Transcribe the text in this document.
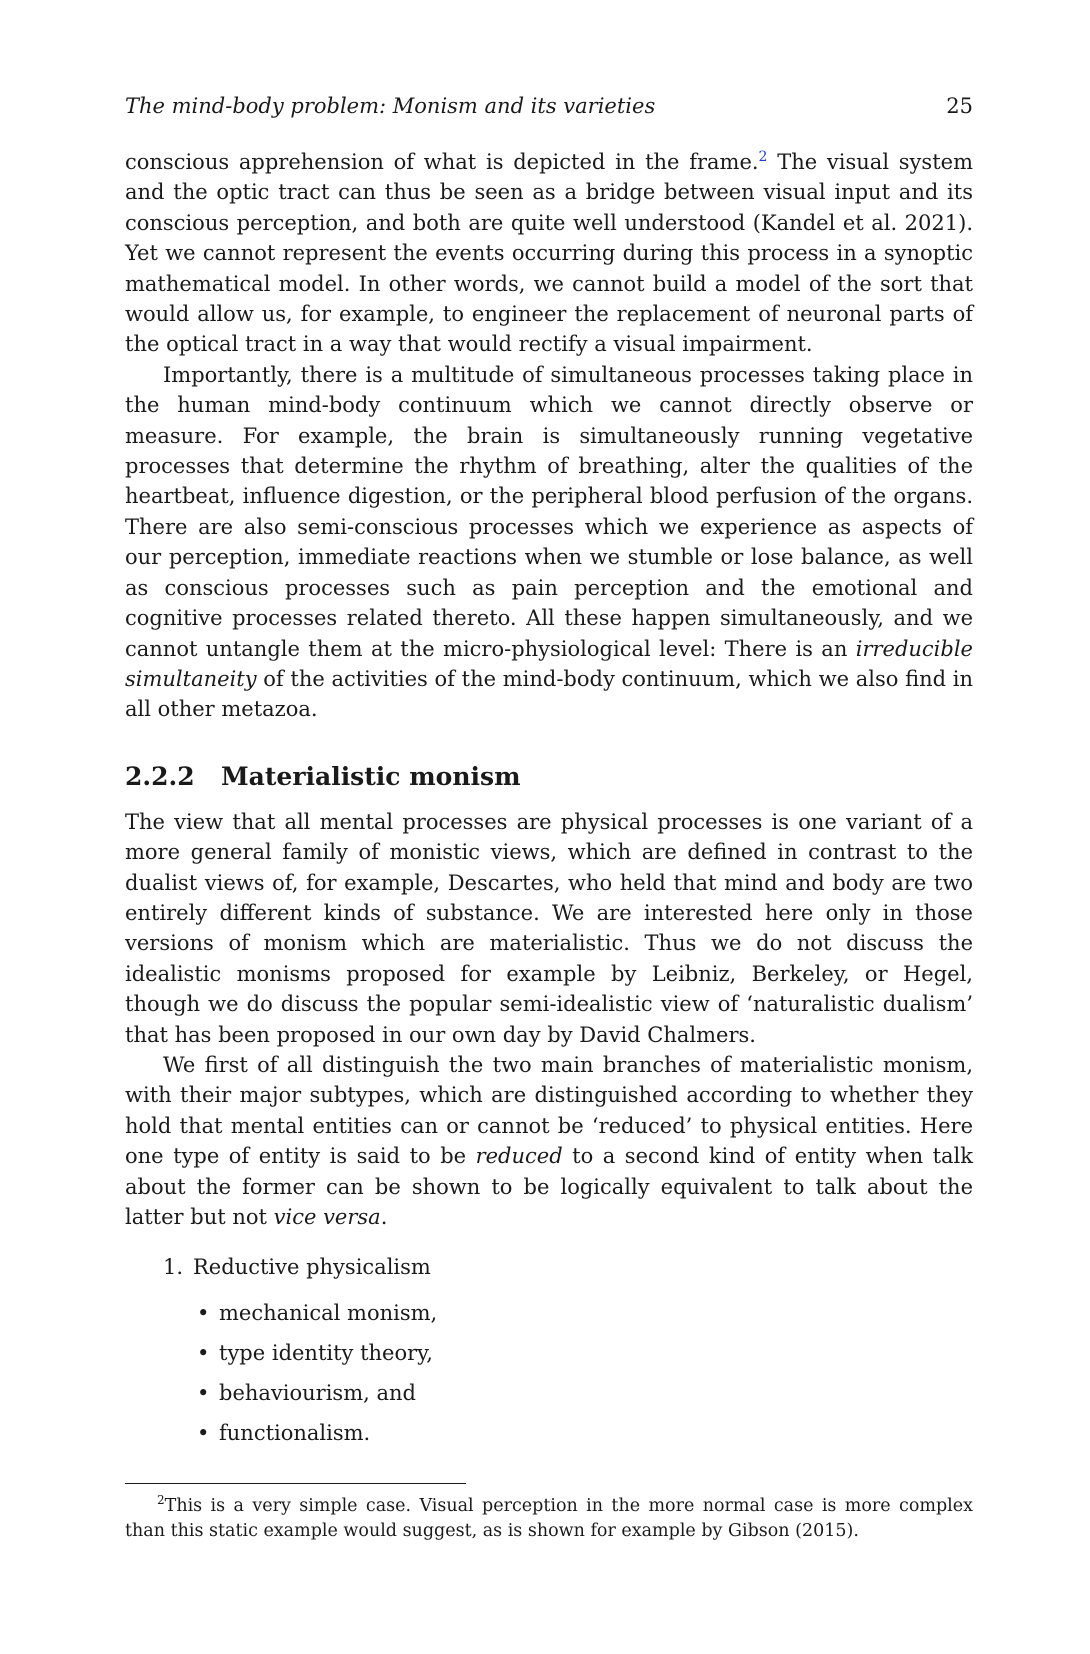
The mind-body problem: Monism and its varieties	25

conscious apprehension of what is depicted in the frame.$^2$ The visual system and the optic tract can thus be seen as a bridge between visual input and its conscious perception, and both are quite well understood (Kandel et al. 2021). Yet we cannot represent the events occurring during this process in a synoptic mathematical model. In other words, we cannot build a model of the sort that would allow us, for example, to engineer the replacement of neuronal parts of the optical tract in a way that would rectify a visual impairment.

Importantly, there is a multitude of simultaneous processes taking place in the human mind-body continuum which we cannot directly observe or measure. For example, the brain is simultaneously running vegetative processes that determine the rhythm of breathing, alter the qualities of the heartbeat, influence digestion, or the peripheral blood perfusion of the organs. There are also semi-conscious processes which we experience as aspects of our perception, immediate reactions when we stumble or lose balance, as well as conscious processes such as pain perception and the emotional and cognitive processes related thereto. All these happen simultaneously, and we cannot untangle them at the micro-physiological level: There is an irreducible simultaneity of the activities of the mind-body continuum, which we also find in all other metazoa.

2.2.2 Materialistic monism

The view that all mental processes are physical processes is one variant of a more general family of monistic views, which are defined in contrast to the dualist views of, for example, Descartes, who held that mind and body are two entirely different kinds of substance. We are interested here only in those versions of monism which are materialistic. Thus we do not discuss the idealistic monisms proposed for example by Leibniz, Berkeley, or Hegel, though we do discuss the popular semi-idealistic view of ‘naturalistic dualism’ that has been proposed in our own day by David Chalmers.

We first of all distinguish the two main branches of materialistic monism, with their major subtypes, which are distinguished according to whether they hold that mental entities can or cannot be ‘reduced’ to physical entities. Here one type of entity is said to be reduced to a second kind of entity when talk about the former can be shown to be logically equivalent to talk about the latter but not vice versa.

1. Reductive physicalism
• mechanical monism,
• type identity theory,
• behaviourism, and
• functionalism.
$^2$This is a very simple case. Visual perception in the more normal case is more complex than this static example would suggest, as is shown for example by Gibson (2015).
